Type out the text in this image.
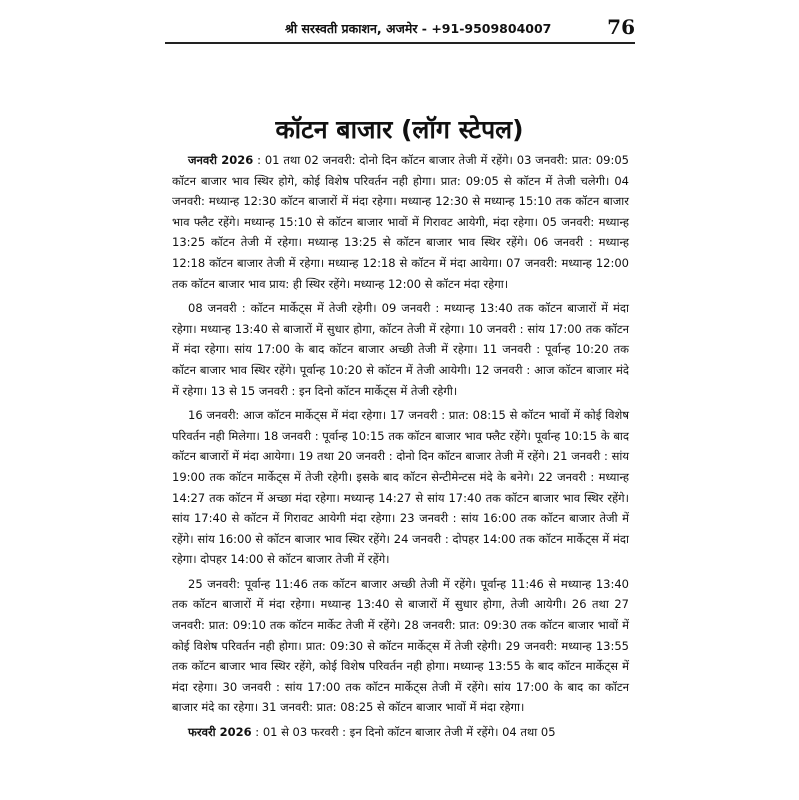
श्री सरस्वती प्रकाशन, अजमेर - +91-9509804007	76
कॉटन बाजार (लॉग स्टेपल)

जनवरी 2026 : 01 तथा 02 जनवरी: दोनो दिन कॉटन बाजार तेजी में रहेंगे। 03 जनवरी: प्रात: 09:05 कॉटन बाजार भाव स्थिर होगे, कोई विशेष परिवर्तन नही होगा। प्रात: 09:05 से कॉटन में तेजी चलेगी। 04 जनवरी: मध्यान्ह 12:30 कॉटन बाजारों में मंदा रहेगा। मध्यान्ह 12:30 से मध्यान्ह 15:10 तक कॉटन बाजार भाव फ्लैट रहेंगे। मध्यान्ह 15:10 से कॉटन बाजार भावों में गिरावट आयेगी, मंदा रहेगा। 05 जनवरी: मध्यान्ह 13:25 कॉटन तेजी में रहेगा। मध्यान्ह 13:25 से कॉटन बाजार भाव स्थिर रहेंगे। 06 जनवरी : मध्यान्ह 12:18 कॉटन बाजार तेजी में रहेगा। मध्यान्ह 12:18 से कॉटन में मंदा आयेगा। 07 जनवरी: मध्यान्ह 12:00 तक कॉटन बाजार भाव प्राय: ही स्थिर रहेंगे। मध्यान्ह 12:00 से कॉटन मंदा रहेगा।

08 जनवरी : कॉटन मार्केट्स में तेजी रहेगी। 09 जनवरी : मध्यान्ह 13:40 तक कॉटन बाजारों में मंदा रहेगा। मध्यान्ह 13:40 से बाजारों में सुधार होगा, कॉटन तेजी में रहेगा। 10 जनवरी : सांय 17:00 तक कॉटन में मंदा रहेगा। सांय 17:00 के बाद कॉटन बाजार अच्छी तेजी में रहेगा। 11 जनवरी : पूर्वान्ह 10:20 तक कॉटन बाजार भाव स्थिर रहेंगे। पूर्वान्ह 10:20 से कॉटन में तेजी आयेगी। 12 जनवरी : आज कॉटन बाजार मंदे में रहेगा। 13 से 15 जनवरी : इन दिनो कॉटन मार्केट्स में तेजी रहेगी।

16 जनवरी: आज कॉटन मार्केट्स में मंदा रहेगा। 17 जनवरी : प्रात: 08:15 से कॉटन भावों में कोई विशेष परिवर्तन नही मिलेगा। 18 जनवरी : पूर्वान्ह 10:15 तक कॉटन बाजार भाव फ्लैट रहेंगे। पूर्वान्ह 10:15 के बाद कॉटन बाजारों में मंदा आयेगा। 19 तथा 20 जनवरी : दोनो दिन कॉटन बाजार तेजी में रहेंगे। 21 जनवरी : सांय 19:00 तक कॉटन मार्केट्स में तेजी रहेगी। इसके बाद कॉटन सेन्टीमेन्टस मंदे के बनेगे। 22 जनवरी : मध्यान्ह 14:27 तक कॉटन में अच्छा मंदा रहेगा। मध्यान्ह 14:27 से सांय 17:40 तक कॉटन बाजार भाव स्थिर रहेंगे। सांय 17:40 से कॉटन में गिरावट आयेगी मंदा रहेगा। 23 जनवरी : सांय 16:00 तक कॉटन बाजार तेजी में रहेंगे। सांय 16:00 से कॉटन बाजार भाव स्थिर रहेंगे। 24 जनवरी : दोपहर 14:00 तक कॉटन मार्केट्स में मंदा रहेगा। दोपहर 14:00 से कॉटन बाजार तेजी में रहेंगे।

25 जनवरी: पूर्वान्ह 11:46 तक कॉटन बाजार अच्छी तेजी में रहेंगे। पूर्वान्ह 11:46 से मध्यान्ह 13:40 तक कॉटन बाजारों में मंदा रहेगा। मध्यान्ह 13:40 से बाजारों में सुधार होगा, तेजी आयेगी। 26 तथा 27 जनवरी: प्रात: 09:10 तक कॉटन मार्केट तेजी में रहेंगे। 28 जनवरी: प्रात: 09:30 तक कॉटन बाजार भावों में कोई विशेष परिवर्तन नही होगा। प्रात: 09:30 से कॉटन मार्केट्स में तेजी रहेगी। 29 जनवरी: मध्यान्ह 13:55 तक कॉटन बाजार भाव स्थिर रहेंगे, कोई विशेष परिवर्तन नही होगा। मध्यान्ह 13:55 के बाद कॉटन मार्केट्स में मंदा रहेगा। 30 जनवरी : सांय 17:00 तक कॉटन मार्केट्स तेजी में रहेंगे। सांय 17:00 के बाद का कॉटन बाजार मंदे का रहेगा। 31 जनवरी: प्रात: 08:25 से कॉटन बाजार भावों में मंदा रहेगा।

फरवरी 2026 : 01 से 03 फरवरी : इन दिनो कॉटन बाजार तेजी में रहेंगे। 04 तथा 05
